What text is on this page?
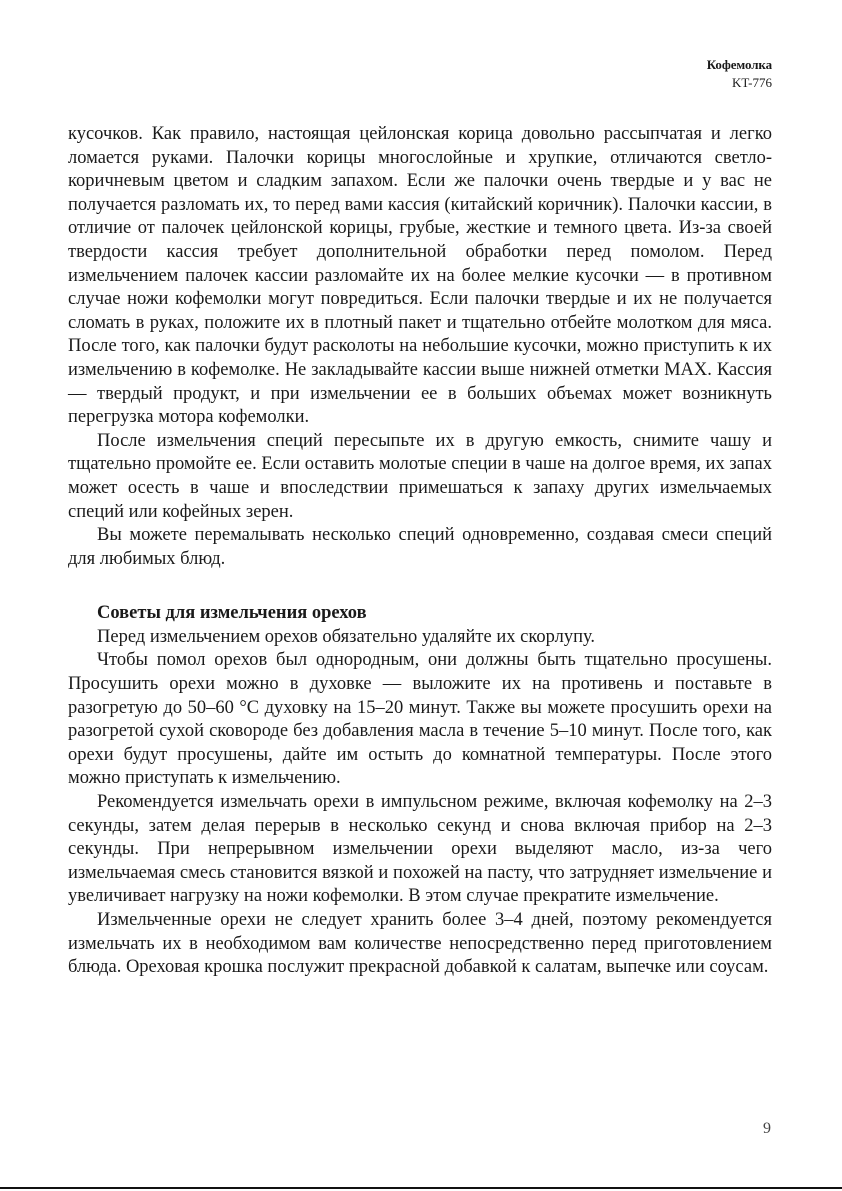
Кофемолка
KT-776

кусочков. Как правило, настоящая цейлонская корица довольно рассыпчатая и легко ломается руками. Палочки корицы многослойные и хрупкие, отличаются светло-коричневым цветом и сладким запахом. Если же палочки очень твердые и у вас не получается разломать их, то перед вами кассия (китайский коричник). Палочки кассии, в отличие от палочек цейлонской корицы, грубые, жесткие и темного цвета. Из-за своей твердости кассия требует дополнительной обработки перед помолом. Перед измельчением палочек кассии разломайте их на более мелкие кусочки — в противном случае ножи кофемолки могут повредиться. Если палочки твердые и их не получается сломать в руках, положите их в плотный пакет и тщательно отбейте молотком для мяса. После того, как палочки будут расколоты на небольшие кусочки, можно приступить к их измельчению в кофемолке. Не закладывайте кассии выше нижней отметки MAX. Кассия — твердый продукт, и при измельчении ее в больших объемах может возникнуть перегрузка мотора кофемолки.

После измельчения специй пересыпьте их в другую емкость, снимите чашу и тщательно промойте ее. Если оставить молотые специи в чаше на долгое время, их запах может осесть в чаше и впоследствии примешаться к запаху других измельчаемых специй или кофейных зерен.

Вы можете перемалывать несколько специй одновременно, создавая смеси специй для любимых блюд.

Советы для измельчения орехов

Перед измельчением орехов обязательно удаляйте их скорлупу.

Чтобы помол орехов был однородным, они должны быть тщательно просушены. Просушить орехи можно в духовке — выложите их на противень и поставьте в разогретую до 50–60 °C духовку на 15–20 минут. Также вы можете просушить орехи на разогретой сухой сковороде без добавления масла в течение 5–10 минут. После того, как орехи будут просушены, дайте им остыть до комнатной температуры. После этого можно приступать к измельчению.

Рекомендуется измельчать орехи в импульсном режиме, включая кофемолку на 2–3 секунды, затем делая перерыв в несколько секунд и снова включая прибор на 2–3 секунды. При непрерывном измельчении орехи выделяют масло, из-за чего измельчаемая смесь становится вязкой и похожей на пасту, что затрудняет измельчение и увеличивает нагрузку на ножи кофемолки. В этом случае прекратите измельчение.

Измельченные орехи не следует хранить более 3–4 дней, поэтому рекомендуется измельчать их в необходимом вам количестве непосредственно перед приготовлением блюда. Ореховая крошка послужит прекрасной добавкой к салатам, выпечке или соусам.

9
